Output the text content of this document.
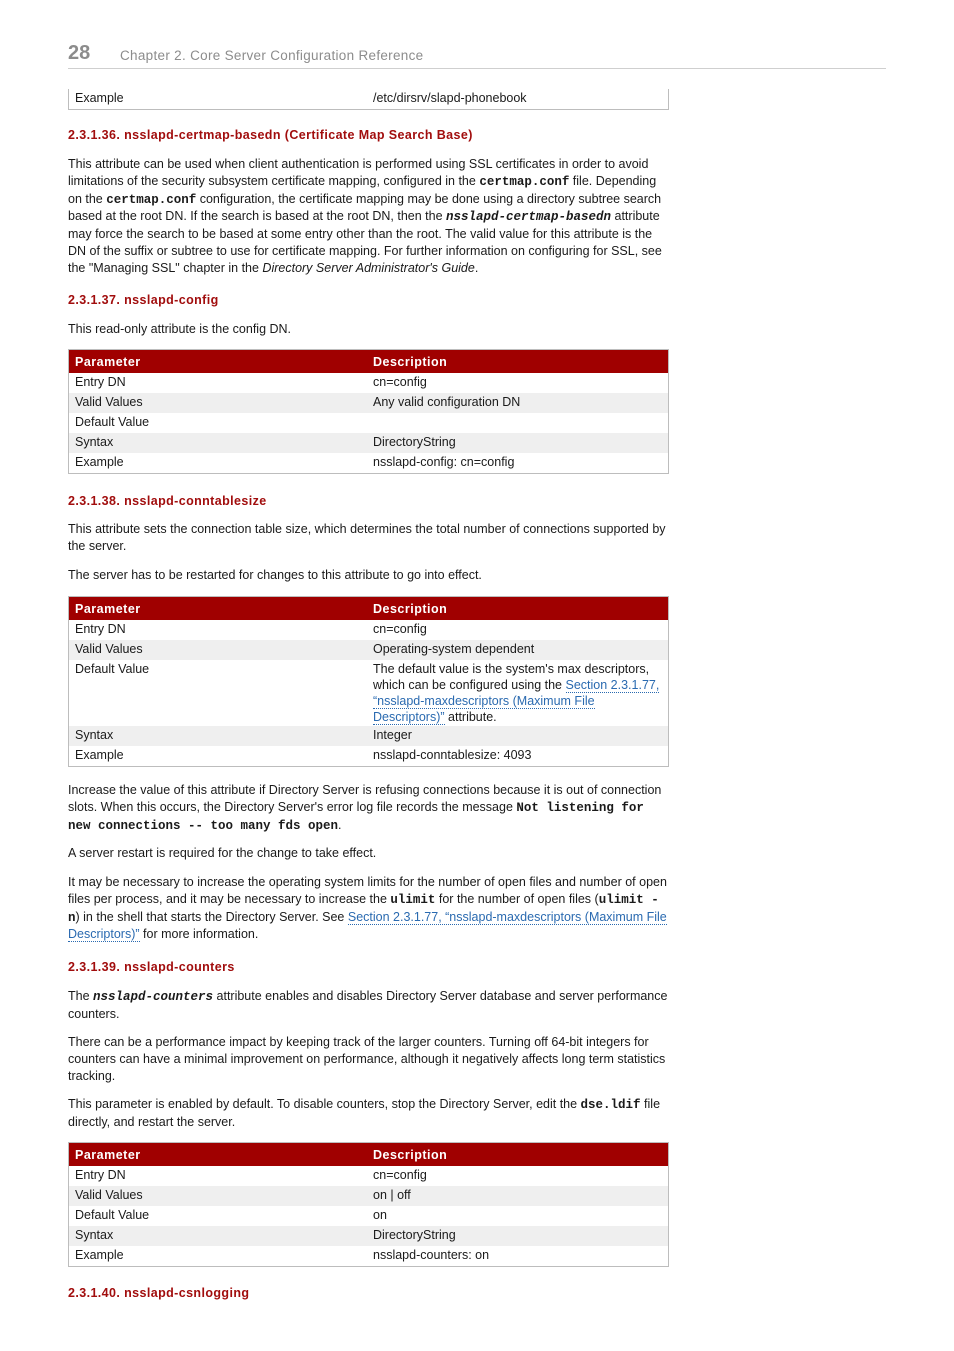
28 Chapter 2. Core Server Configuration Reference
Example	/etc/dirsrv/slapd-phonebook
2.3.1.36. nsslapd-certmap-basedn (Certificate Map Search Base)

This attribute can be used when client authentication is performed using SSL certificates in order to avoid limitations of the security subsystem certificate mapping, configured in the certmap.conf file. Depending on the certmap.conf configuration, the certificate mapping may be done using a directory subtree search based at the root DN. If the search is based at the root DN, then the nsslapd-certmap-basedn attribute may force the search to be based at some entry other than the root. The valid value for this attribute is the DN of the suffix or subtree to use for certificate mapping. For further information on configuring for SSL, see the "Managing SSL" chapter in the Directory Server Administrator's Guide.

2.3.1.37. nsslapd-config

This read-only attribute is the config DN.

Parameter	Description
Entry DN	cn=config
Valid Values	Any valid configuration DN
Default Value	
Syntax	DirectoryString
Example	nsslapd-config: cn=config
2.3.1.38. nsslapd-conntablesize

This attribute sets the connection table size, which determines the total number of connections supported by the server.

The server has to be restarted for changes to this attribute to go into effect.

Parameter	Description
Entry DN	cn=config
Valid Values	Operating-system dependent
Default Value	The default value is the system's max descriptors, which can be configured using the Section 2.3.1.77, “nsslapd-maxdescriptors (Maximum File Descriptors)” attribute.
Syntax	Integer
Example	nsslapd-conntablesize: 4093

Increase the value of this attribute if Directory Server is refusing connections because it is out of connection slots. When this occurs, the Directory Server's error log file records the message Not listening for new connections -- too many fds open.

A server restart is required for the change to take effect.

It may be necessary to increase the operating system limits for the number of open files and number of open files per process, and it may be necessary to increase the ulimit for the number of open files (ulimit -n) in the shell that starts the Directory Server. See Section 2.3.1.77, “nsslapd-maxdescriptors (Maximum File Descriptors)” for more information.

2.3.1.39. nsslapd-counters

The nsslapd-counters attribute enables and disables Directory Server database and server performance counters.

There can be a performance impact by keeping track of the larger counters. Turning off 64-bit integers for counters can have a minimal improvement on performance, although it negatively affects long term statistics tracking.

This parameter is enabled by default. To disable counters, stop the Directory Server, edit the dse.ldif file directly, and restart the server.

Parameter	Description
Entry DN	cn=config
Valid Values	on | off
Default Value	on
Syntax	DirectoryString
Example	nsslapd-counters: on
2.3.1.40. nsslapd-csnlogging
